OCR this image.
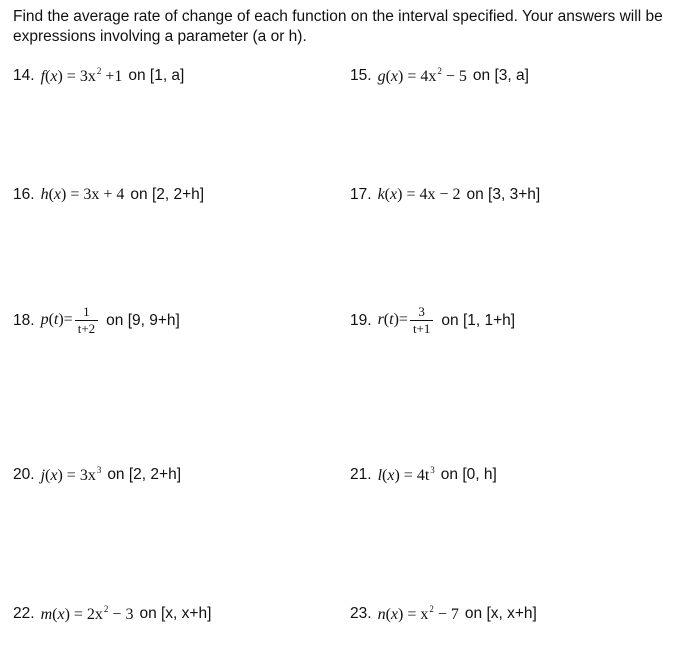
Find the average rate of change of each function on the interval specified. Your answers will be expressions involving a parameter (a or h).
14. $f(x) = 3x^2 +1$ on [1, a]	15. $g(x) = 4x^2 - 5$ on [3, a]
16. h(x) = 3x + 4 on [2, 2+h]	17. k(x) = 4x − 2 on [3, 3+h]
18. $p(t)= \frac{1}{t+2}$ on [9, 9+h]	19. $r(t)= \frac{3}{t+1}$ on [1, 1+h]
20. $j(x) = 3x^3$ on [2, 2+h]	21. $l(x) = 4t^3$ on [0, h]
22. $m(x) = 2x^2 - 3$ on [x, x+h]	23. $n(x) = x^2 - 7$ on [x, x+h]
